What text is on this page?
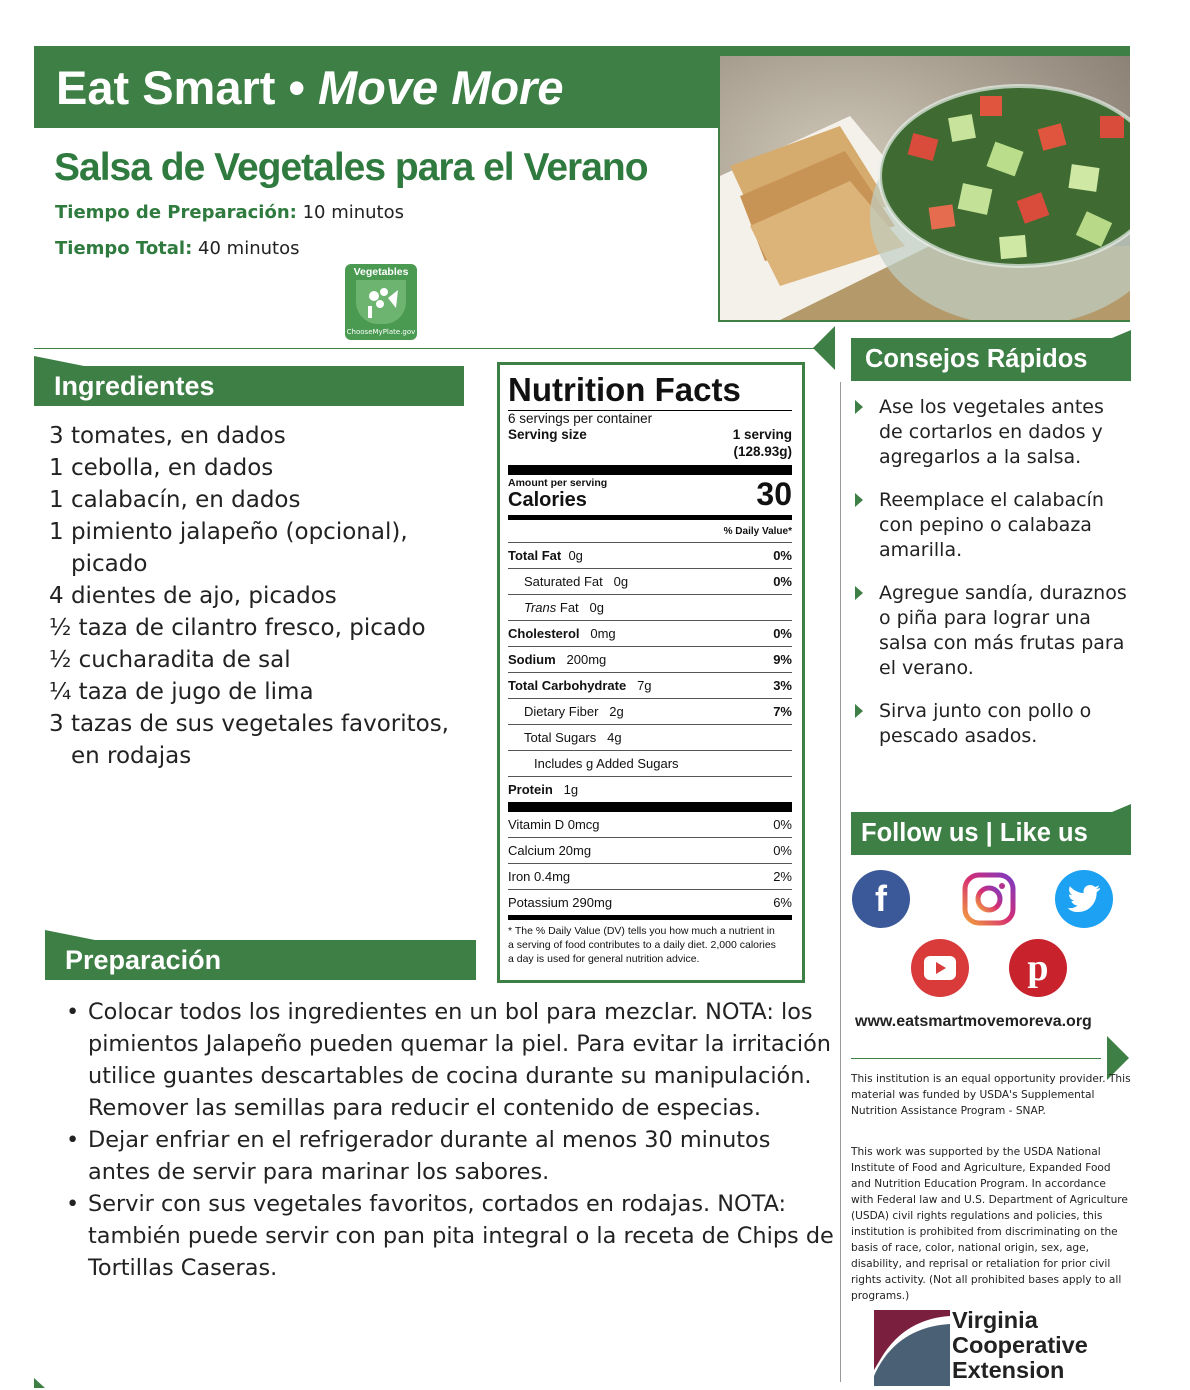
Eat Smart • Move More
Salsa de Vegetales para el Verano
Tiempo de Preparación: 10 minutos
Tiempo Total: 40 minutos
Vegetables
ChooseMyPlate.gov
Ingredientes
3 tomates, en dados
1 cebolla, en dados
1 calabacín, en dados
1 pimiento jalapeño (opcional), picado
4 dientes de ajo, picados
½ taza de cilantro fresco, picado
½ cucharadita de sal
¼ taza de jugo de lima
3 tazas de sus vegetales favoritos, en rodajas
Nutrition Facts
6 servings per container
Serving size	1 serving
(128.93g)
Amount per serving
Calories	30
% Daily Value*
Total Fat 0g	0%
Saturated Fat 0g	0%
Trans Fat 0g
Cholesterol 0mg	0%
Sodium 200mg	9%
Total Carbohydrate 7g	3%
Dietary Fiber 2g	7%
Total Sugars 4g
Includes g Added Sugars
Protein 1g
Vitamin D 0mcg	0%
Calcium 20mg	0%
Iron 0.4mg	2%
Potassium 290mg	6%
* The % Daily Value (DV) tells you how much a nutrient in a serving of food contributes to a daily diet. 2,000 calories a day is used for general nutrition advice.
Consejos Rápidos
Ase los vegetales antes de cortarlos en dados y agregarlos a la salsa.
Reemplace el calabacín con pepino o calabaza amarilla.
Agregue sandía, duraznos o piña para lograr una salsa con más frutas para el verano.
Sirva junto con pollo o pescado asados.
Follow us | Like us
f
p
www.eatsmartmovemoreva.org
This institution is an equal opportunity provider. This material was funded by USDA's Supplemental Nutrition Assistance Program - SNAP.
This work was supported by the USDA National Institute of Food and Agriculture, Expanded Food and Nutrition Education Program. In accordance with Federal law and U.S. Department of Agriculture (USDA) civil rights regulations and policies, this institution is prohibited from discriminating on the basis of race, color, national origin, sex, age, disability, and reprisal or retaliation for prior civil rights activity. (Not all prohibited bases apply to all programs.)
Preparación
• Colocar todos los ingredientes en un bol para mezclar. NOTA: los pimientos Jalapeño pueden quemar la piel. Para evitar la irritación utilice guantes descartables de cocina durante su manipulación. Remover las semillas para reducir el contenido de especias.
• Dejar enfriar en el refrigerador durante al menos 30 minutos antes de servir para marinar los sabores.
• Servir con sus vegetales favoritos, cortados en rodajas. NOTA: también puede servir con pan pita integral o la receta de Chips de Tortillas Caseras.
Virginia
Cooperative
Extension
